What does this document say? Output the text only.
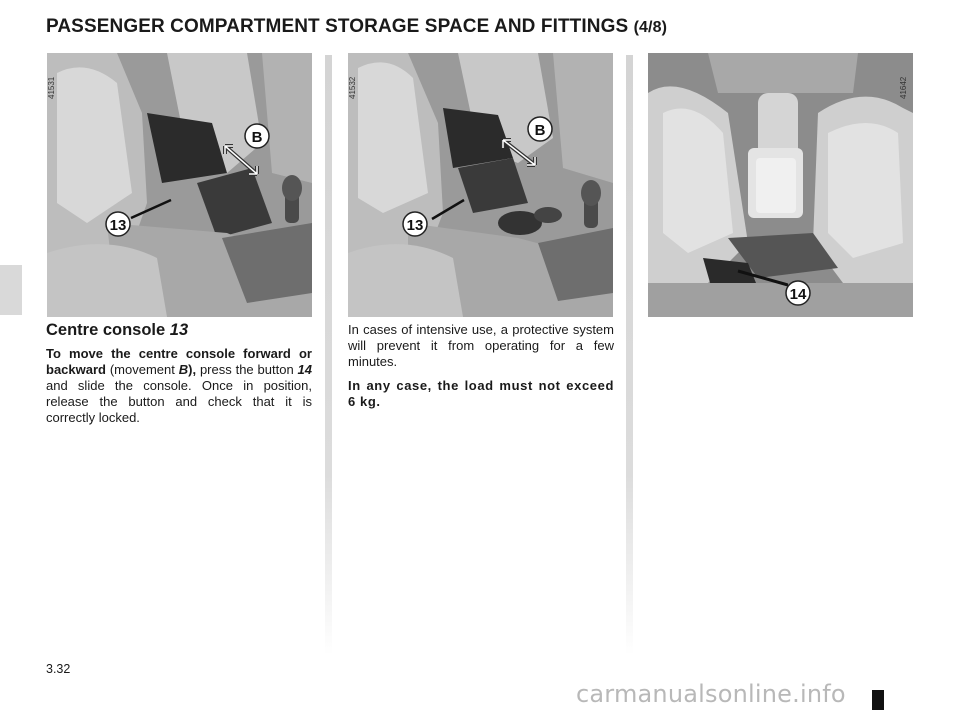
PASSENGER COMPARTMENT STORAGE SPACE AND FITTINGS (4/8)
41531
B
13
41532
B
13
41642
14
Centre console 13

To move the centre console forward or backward (movement B), press the button 14 and slide the console. Once in position, release the button and check that it is correctly locked.

In cases of intensive use, a protective system will prevent it from operating for a few minutes.

In any case, the load must not exceed 6 kg.

3.32
carmanualsonline.info
